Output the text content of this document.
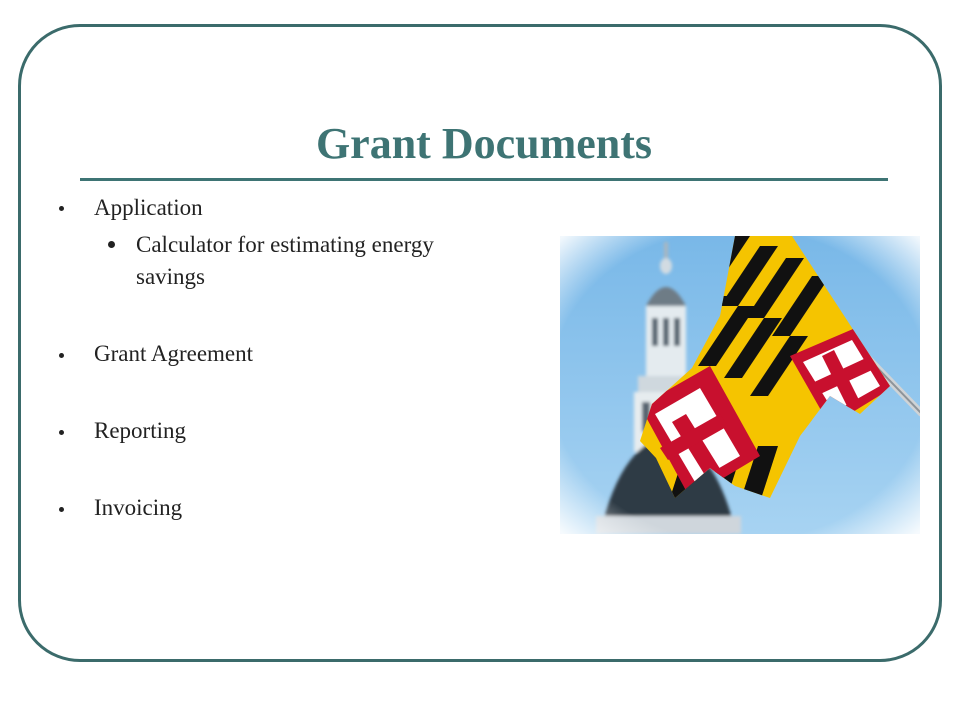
Grant Documents
Application
Calculator for estimating energy
savings
Grant Agreement
Reporting
Invoicing
